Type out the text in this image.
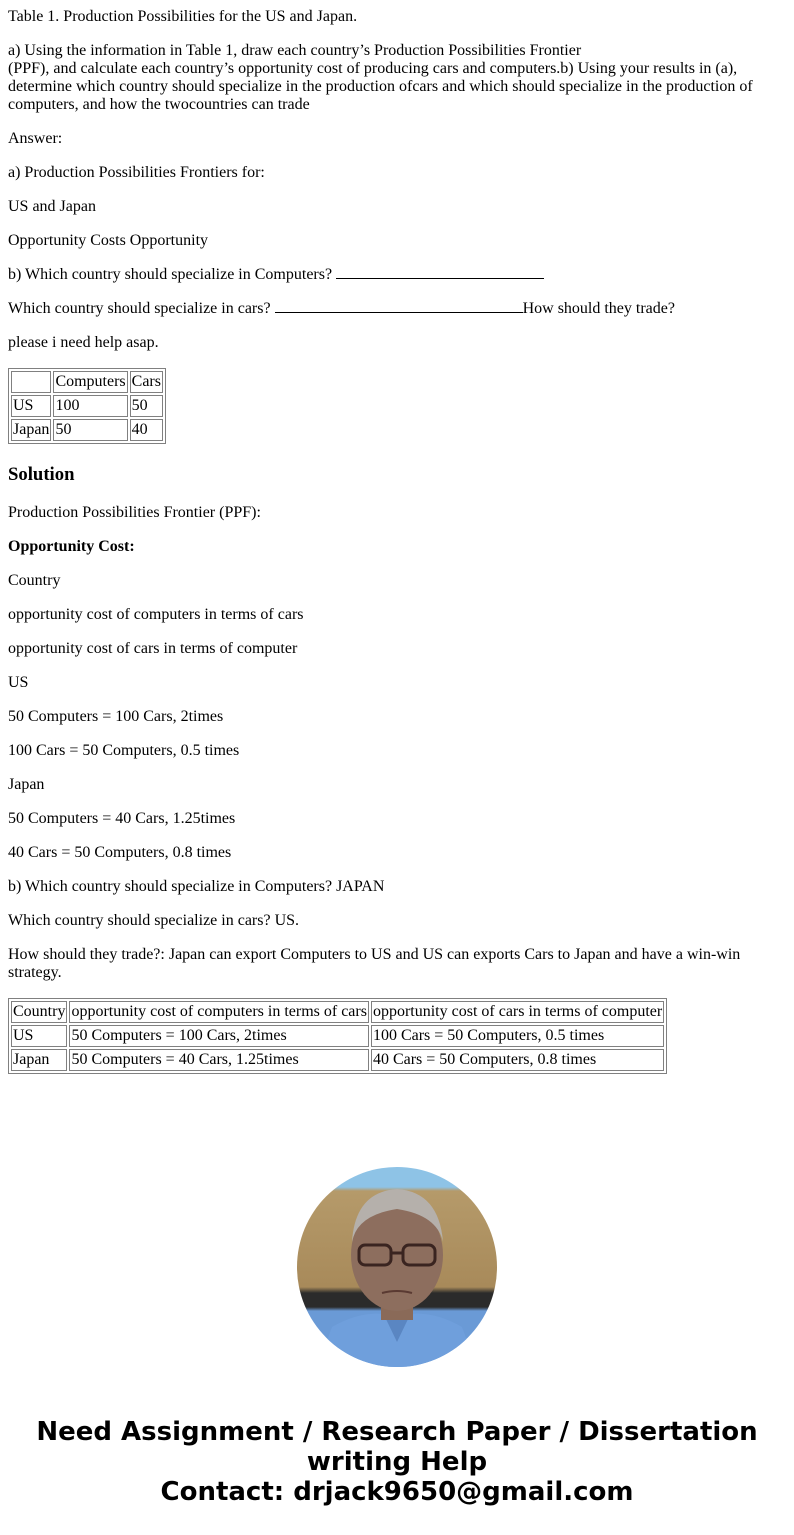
Table 1. Production Possibilities for the US and Japan.

a) Using the information in Table 1, draw each country’s Production Possibilities Frontier
(PPF), and calculate each country’s opportunity cost of producing cars and computers.b) Using your results in (a), determine which country should specialize in the production ofcars and which should specialize in the production of computers, and how the twocountries can trade

Answer:

a) Production Possibilities Frontiers for:

US and Japan

Opportunity Costs Opportunity

b) Which country should specialize in Computers?

Which country should specialize in cars?	How should they trade?

please i need help asap.

	Computers	Cars
US	100	50
Japan	50	40
Solution

Production Possibilities Frontier (PPF):

Opportunity Cost:

Country

opportunity cost of computers in terms of cars

opportunity cost of cars in terms of computer

US

50 Computers = 100 Cars, 2times

100 Cars = 50 Computers, 0.5 times

Japan

50 Computers = 40 Cars, 1.25times

40 Cars = 50 Computers, 0.8 times

b) Which country should specialize in Computers? JAPAN

Which country should specialize in cars? US.

How should they trade?: Japan can export Computers to US and US can exports Cars to Japan and have a win-win strategy.

Country	opportunity cost of computers in terms of cars	opportunity cost of cars in terms of computer
US	50 Computers = 100 Cars, 2times	100 Cars = 50 Computers, 0.5 times
Japan	50 Computers = 40 Cars, 1.25times	40 Cars = 50 Computers, 0.8 times
Need Assignment / Research Paper / Dissertation
writing Help
Contact: drjack9650@gmail.com
